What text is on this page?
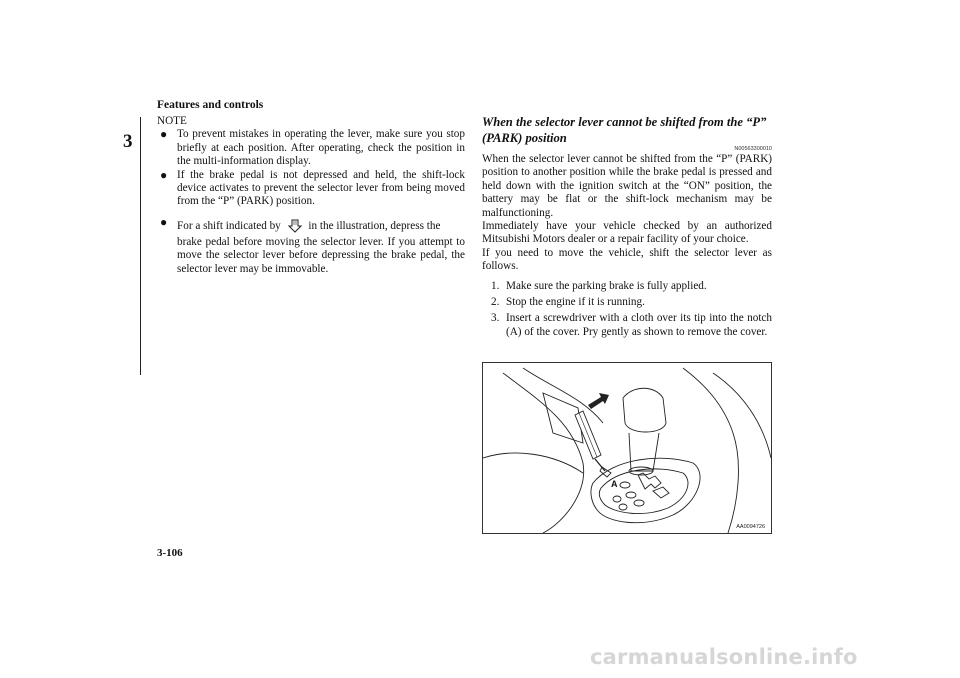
Features and controls
3
NOTE
● To prevent mistakes in operating the lever, make sure you stop briefly at each position. After operating, check the position in the multi-information display.
● If the brake pedal is not depressed and held, the shift-lock device activates to prevent the selector lever from being moved from the “P” (PARK) position.
● For a shift indicated by in the illustration, depress the
brake pedal before moving the selector lever. If you attempt to move the selector lever before depressing the brake pedal, the selector lever may be immovable.
When the selector lever cannot be shifted from the “P” (PARK) position
N00563300010
When the selector lever cannot be shifted from the “P” (PARK) position to another position while the brake pedal is pressed and held down with the ignition switch at the “ON” position, the battery may be flat or the shift-lock mechanism may be malfunctioning.
Immediately have your vehicle checked by an authorized Mitsubishi Motors dealer or a repair facility of your choice.
If you need to move the vehicle, shift the selector lever as follows.
1. Make sure the parking brake is fully applied.
2. Stop the engine if it is running.
3. Insert a screwdriver with a cloth over its tip into the notch (A) of the cover. Pry gently as shown to remove the cover.
A
AA0094726
3-106
carmanualsonline.info
